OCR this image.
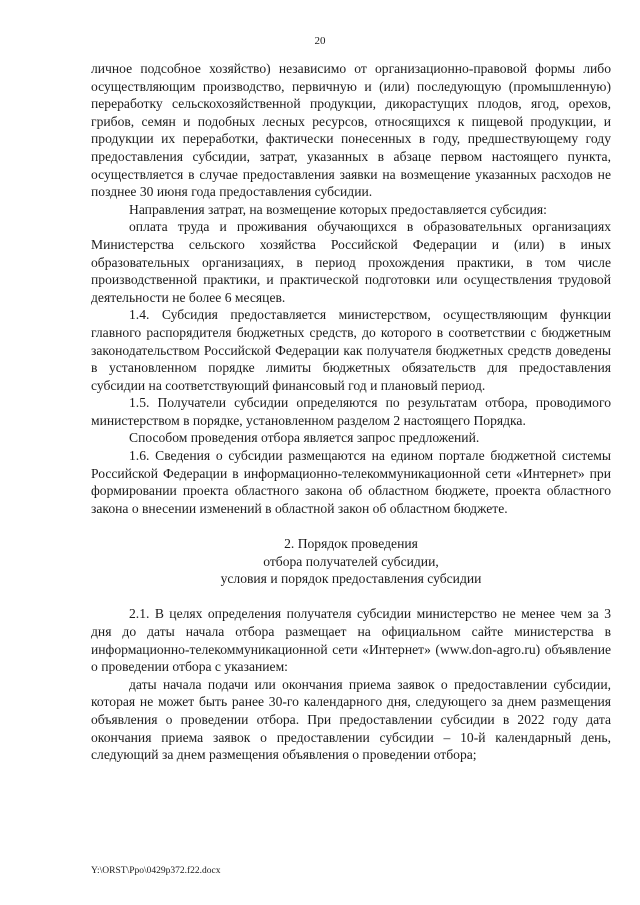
20

личное подсобное хозяйство) независимо от организационно-правовой формы либо осуществляющим производство, первичную и (или) последующую (промышленную) переработку сельскохозяйственной продукции, дикорастущих плодов, ягод, орехов, грибов, семян и подобных лесных ресурсов, относящихся к пищевой продукции, и продукции их переработки, фактически понесенных в году, предшествующему году предоставления субсидии, затрат, указанных в абзаце первом настоящего пункта, осуществляется в случае предоставления заявки на возмещение указанных расходов не позднее 30 июня года предоставления субсидии.

Направления затрат, на возмещение которых предоставляется субсидия:

оплата труда и проживания обучающихся в образовательных организациях Министерства сельского хозяйства Российской Федерации и (или) в иных образовательных организациях, в период прохождения практики, в том числе производственной практики, и практической подготовки или осуществления трудовой деятельности не более 6 месяцев.

1.4. Субсидия предоставляется министерством, осуществляющим функции главного распорядителя бюджетных средств, до которого в соответствии с бюджетным законодательством Российской Федерации как получателя бюджетных средств доведены в установленном порядке лимиты бюджетных обязательств для предоставления субсидии на соответствующий финансовый год и плановый период.

1.5. Получатели субсидии определяются по результатам отбора, проводимого министерством в порядке, установленном разделом 2 настоящего Порядка.

Способом проведения отбора является запрос предложений.

1.6. Сведения о субсидии размещаются на едином портале бюджетной системы Российской Федерации в информационно-телекоммуникационной сети «Интернет» при формировании проекта областного закона об областном бюджете, проекта областного закона о внесении изменений в областной закон об областном бюджете.

2. Порядок проведения
отбора получателей субсидии,
условия и порядок предоставления субсидии

2.1. В целях определения получателя субсидии министерство не менее чем за 3 дня до даты начала отбора размещает на официальном сайте министерства в информационно-телекоммуникационной сети «Интернет» (www.don-agro.ru) объявление о проведении отбора с указанием:

даты начала подачи или окончания приема заявок о предоставлении субсидии, которая не может быть ранее 30-го календарного дня, следующего за днем размещения объявления о проведении отбора. При предоставлении субсидии в 2022 году дата окончания приема заявок о предоставлении субсидии – 10-й календарный день, следующий за днем размещения объявления о проведении отбора;

Y:\ORST\Ppo\0429p372.f22.docx
